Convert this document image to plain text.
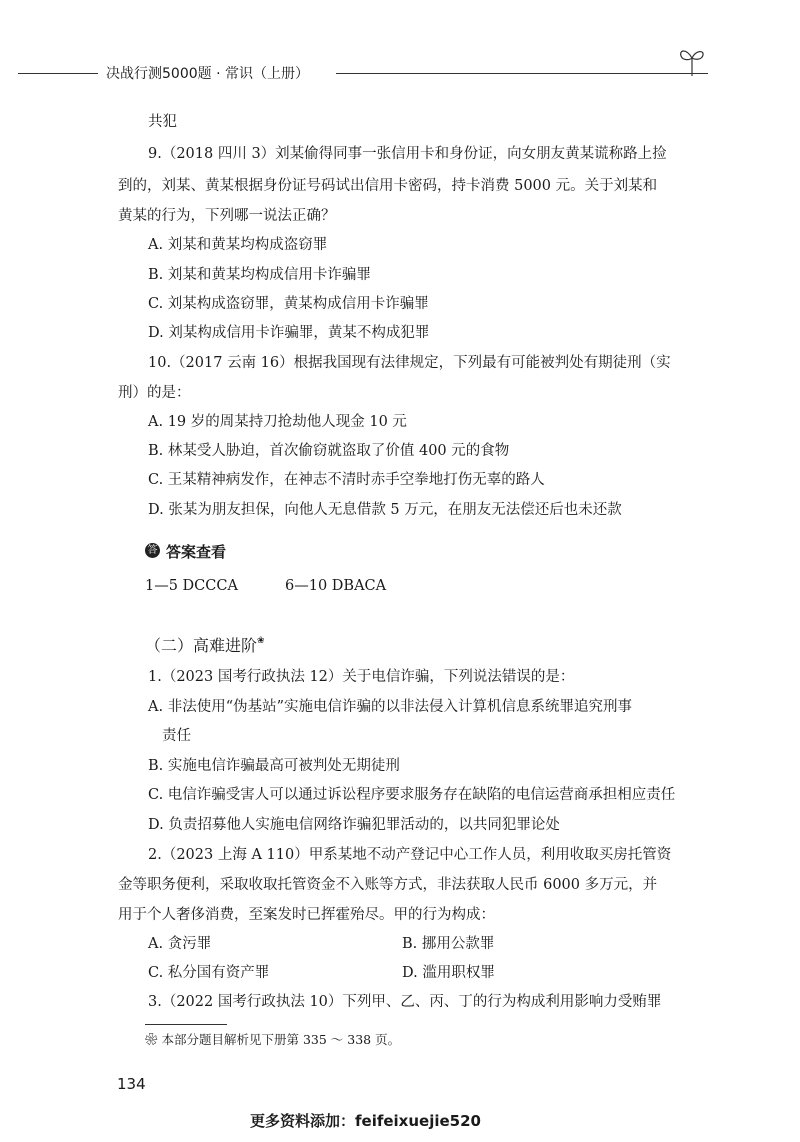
决战行测5000题 · 常识（上册）
共犯
9.（2018 四川 3）刘某偷得同事一张信用卡和身份证，向女朋友黄某谎称路上捡
到的，刘某、黄某根据身份证号码试出信用卡密码，持卡消费 5000 元。关于刘某和
黄某的行为，下列哪一说法正确？
A. 刘某和黄某均构成盗窃罪
B. 刘某和黄某均构成信用卡诈骗罪
C. 刘某构成盗窃罪，黄某构成信用卡诈骗罪
D. 刘某构成信用卡诈骗罪，黄某不构成犯罪
10.（2017 云南 16）根据我国现有法律规定，下列最有可能被判处有期徒刑（实
刑）的是：
A. 19 岁的周某持刀抢劫他人现金 10 元
B. 林某受人胁迫，首次偷窃就盗取了价值 400 元的食物
C. 王某精神病发作，在神志不清时赤手空拳地打伤无辜的路人
D. 张某为朋友担保，向他人无息借款 5 万元，在朋友无法偿还后也未还款
答 答案查看
1—5 DCCCA	6—10 DBACA
（二）高难进阶❀
1.（2023 国考行政执法 12）关于电信诈骗，下列说法错误的是：
A. 非法使用“伪基站”实施电信诈骗的以非法侵入计算机信息系统罪追究刑事
责任
B. 实施电信诈骗最高可被判处无期徒刑
C. 电信诈骗受害人可以通过诉讼程序要求服务存在缺陷的电信运营商承担相应责任
D. 负责招募他人实施电信网络诈骗犯罪活动的，以共同犯罪论处
2.（2023 上海 A 110）甲系某地不动产登记中心工作人员，利用收取买房托管资
金等职务便利，采取收取托管资金不入账等方式，非法获取人民币 6000 多万元，并
用于个人奢侈消费，至案发时已挥霍殆尽。甲的行为构成：
A. 贪污罪	B. 挪用公款罪
C. 私分国有资产罪	D. 滥用职权罪
3.（2022 国考行政执法 10）下列甲、乙、丙、丁的行为构成利用影响力受贿罪
❀ 本部分题目解析见下册第 335 ～ 338 页。
134
更多资料添加：feifeixuejie520
